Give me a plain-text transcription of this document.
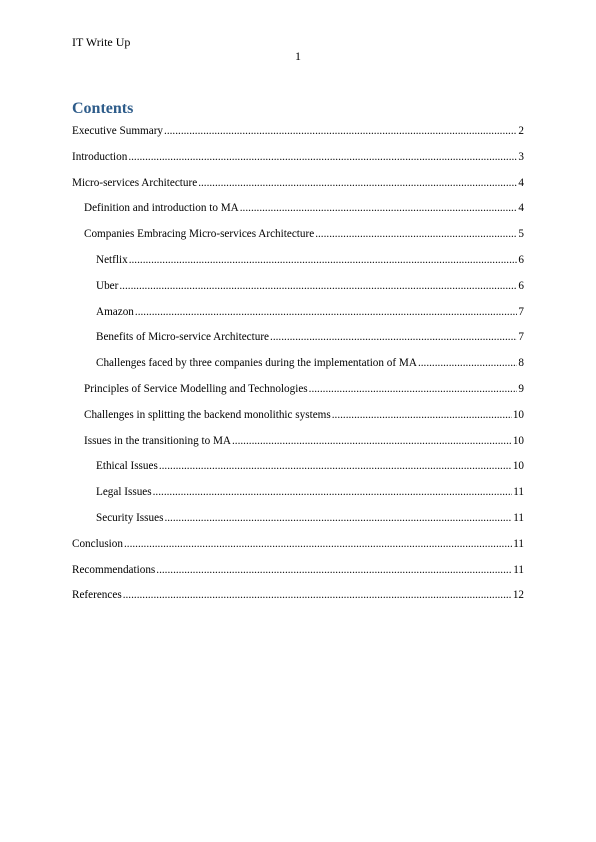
IT Write Up
1
Contents
Executive Summary .....	2
Introduction .....	3
Micro-services Architecture .....	4
Definition and introduction to MA .....	4
Companies Embracing Micro-services Architecture .....	5
Netflix .....	6
Uber .....	6
Amazon .....	7
Benefits of Micro-service Architecture .....	7
Challenges faced by three companies during the implementation of MA .....	8
Principles of Service Modelling and Technologies .....	9
Challenges in splitting the backend monolithic systems .....	10
Issues in the transitioning to MA .....	10
Ethical Issues .....	10
Legal Issues .....	11
Security Issues .....	11
Conclusion .....	11
Recommendations .....	11
References .....	12
